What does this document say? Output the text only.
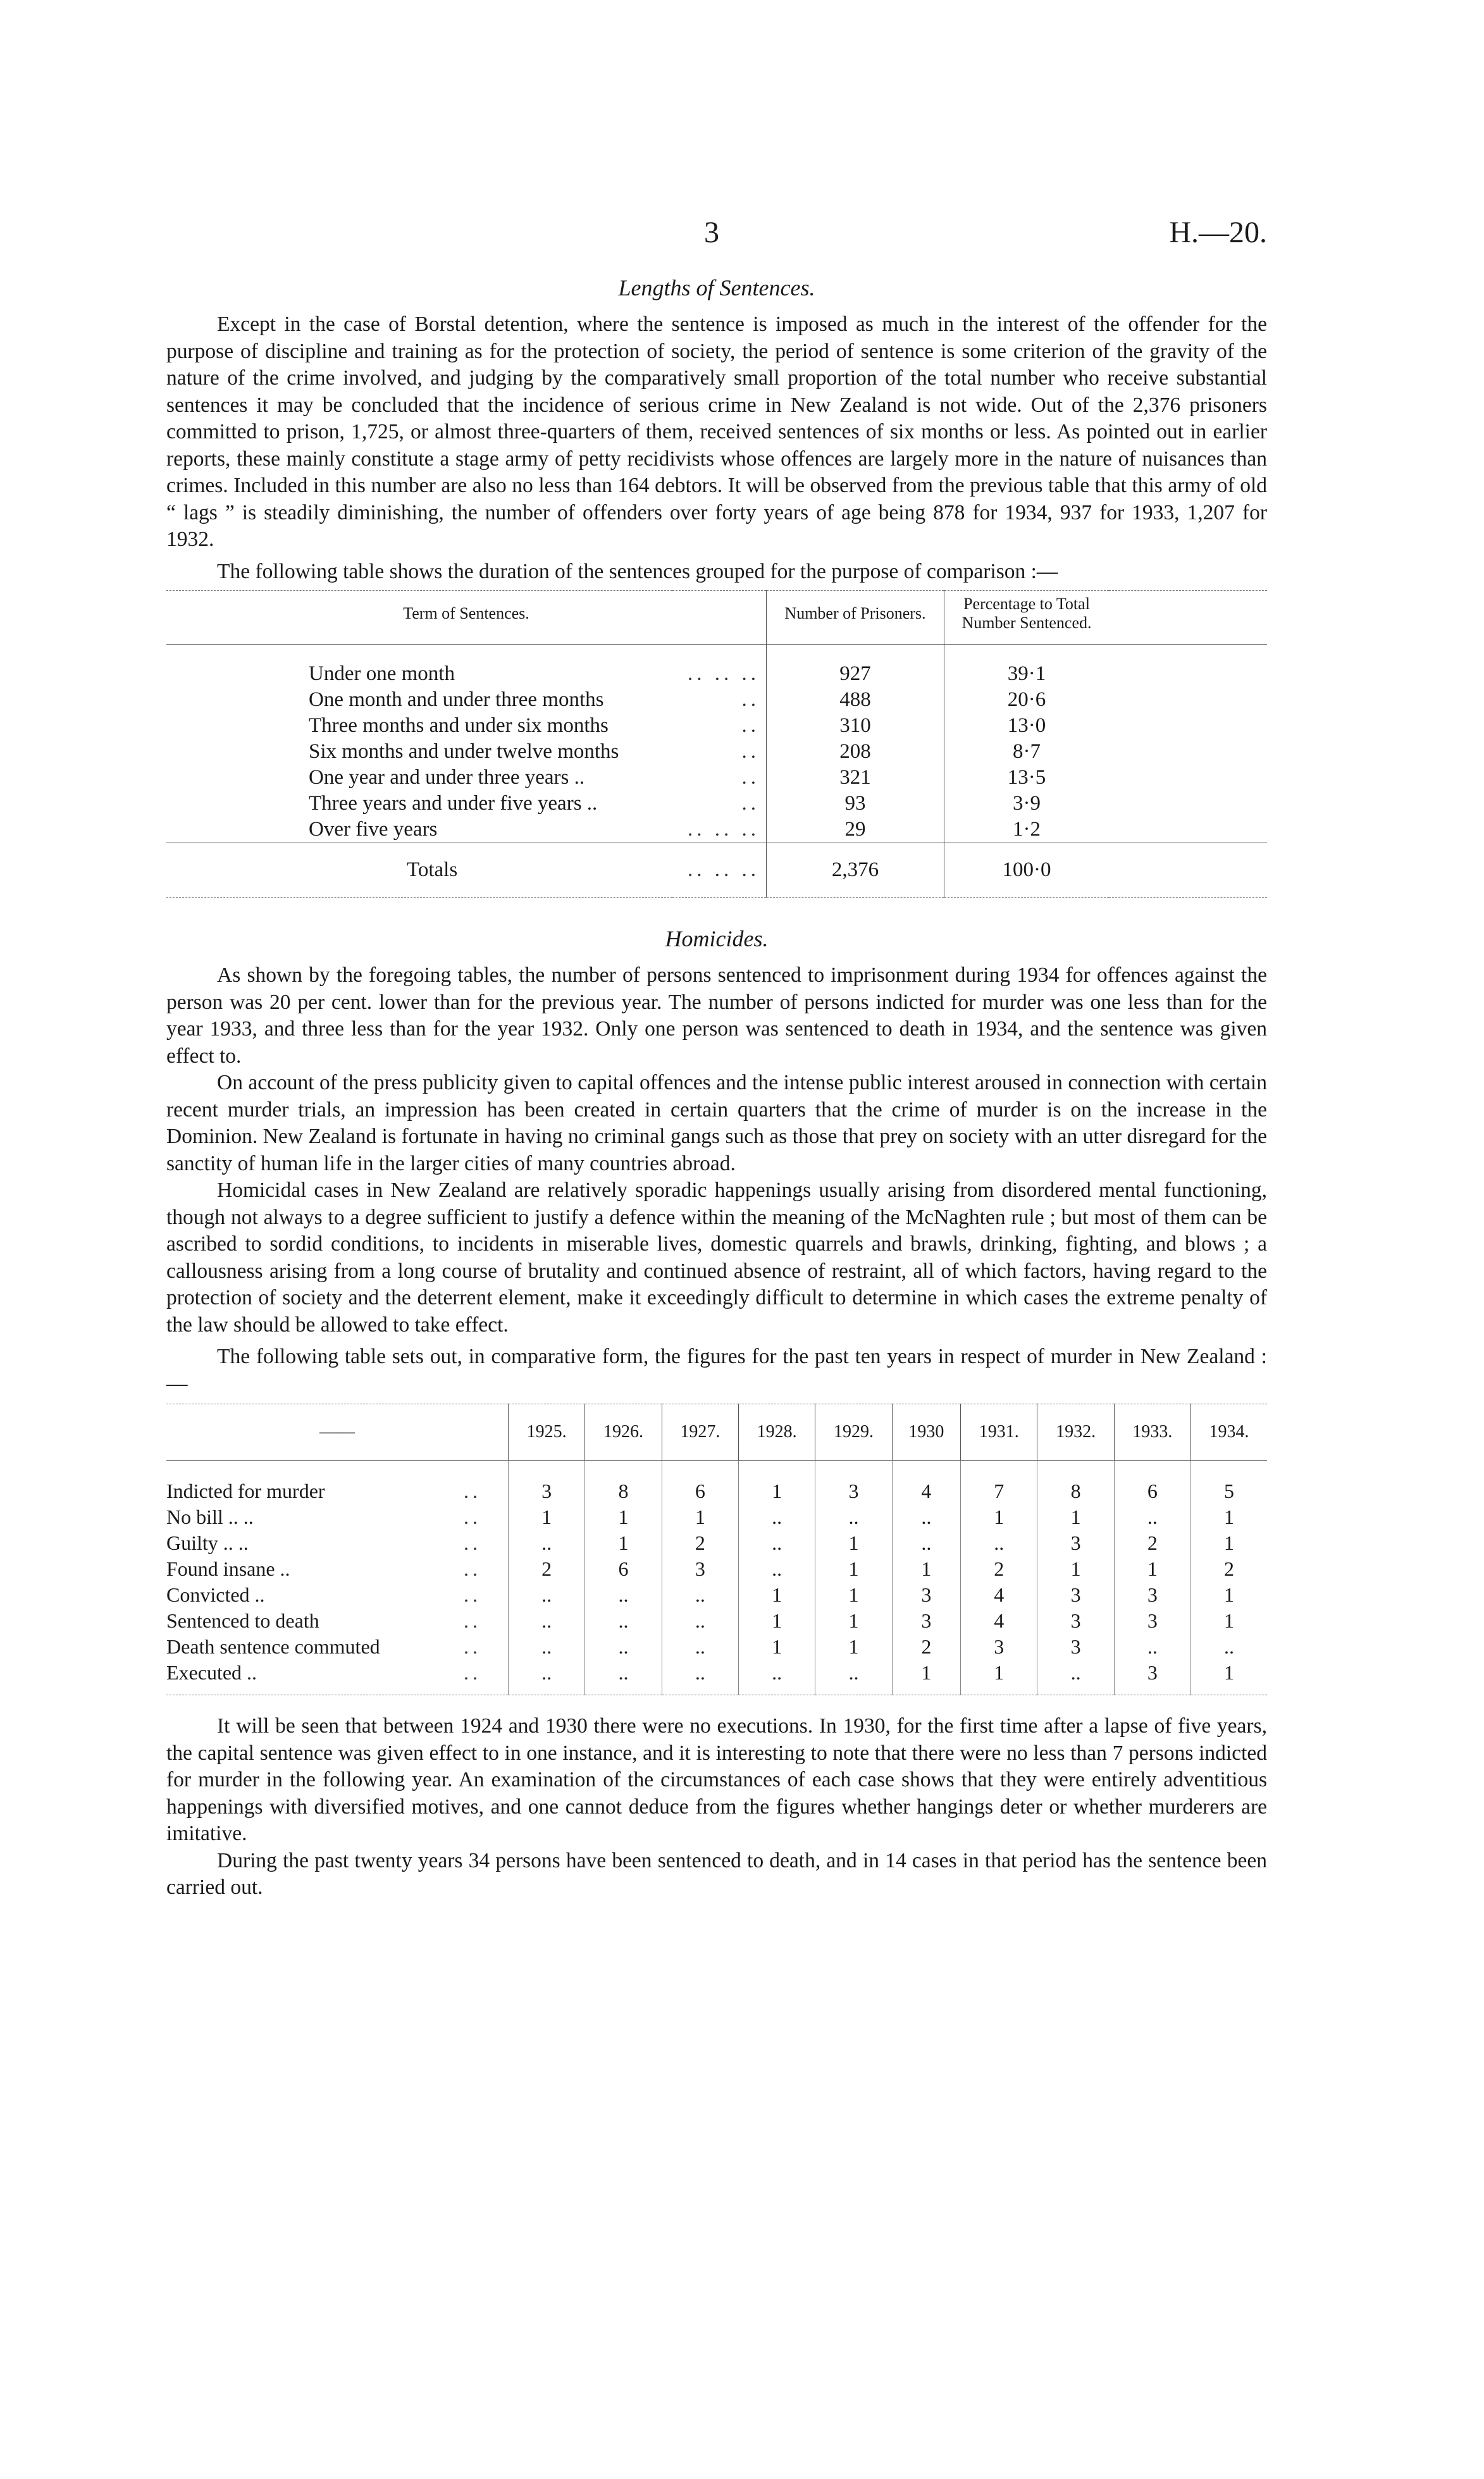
3	H.—20.
Lengths of Sentences.

Except in the case of Borstal detention, where the sentence is imposed as much in the interest of the offender for the purpose of discipline and training as for the protection of society, the period of sentence is some criterion of the gravity of the nature of the crime involved, and judging by the comparatively small proportion of the total number who receive substantial sentences it may be concluded that the incidence of serious crime in New Zealand is not wide. Out of the 2,376 prisoners committed to prison, 1,725, or almost three-quarters of them, received sentences of six months or less. As pointed out in earlier reports, these mainly constitute a stage army of petty recidivists whose offences are largely more in the nature of nuisances than crimes. Included in this number are also no less than 164 debtors. It will be observed from the previous table that this army of old “ lags ” is steadily diminishing, the number of offenders over forty years of age being 878 for 1934, 937 for 1933, 1,207 for 1932.

The following table shows the duration of the sentences grouped for the purpose of comparison :—

Term of Sentences.		Number of Prisoners.	Percentage to Total Number Sentenced.	
Under one month	.. .. ..	927	39·1	
One month and under three months	..	488	20·6	
Three months and under six months	..	310	13·0	
Six months and under twelve months	..	208	8·7	
One year and under three years ..	..	321	13·5	
Three years and under five years ..	..	93	3·9	
Over five years	.. .. ..	29	1·2	
Totals	.. .. ..	2,376	100·0	
Homicides.

As shown by the foregoing tables, the number of persons sentenced to imprisonment during 1934 for offences against the person was 20 per cent. lower than for the previous year. The number of persons indicted for murder was one less than for the year 1933, and three less than for the year 1932. Only one person was sentenced to death in 1934, and the sentence was given effect to.

On account of the press publicity given to capital offences and the intense public interest aroused in connection with certain recent murder trials, an impression has been created in certain quarters that the crime of murder is on the increase in the Dominion. New Zealand is fortunate in having no criminal gangs such as those that prey on society with an utter disregard for the sanctity of human life in the larger cities of many countries abroad.

Homicidal cases in New Zealand are relatively sporadic happenings usually arising from disordered mental functioning, though not always to a degree sufficient to justify a defence within the meaning of the McNaghten rule ; but most of them can be ascribed to sordid conditions, to incidents in miserable lives, domestic quarrels and brawls, drinking, fighting, and blows ; a callousness arising from a long course of brutality and continued absence of restraint, all of which factors, having regard to the protection of society and the deterrent element, make it exceedingly difficult to determine in which cases the extreme penalty of the law should be allowed to take effect.

The following table sets out, in comparative form, the figures for the past ten years in respect of murder in New Zealand :—

——	1925.	1926.	1927.	1928.	1929.	1930	1931.	1932.	1933.	1934.
Indicted for murder ..	3	8	6	1	3	4	7	8	6	5
No bill .. .. ..	1	1	1	..	..	..	1	1	..	1
Guilty .. .. ..	..	1	2	..	1	..	..	3	2	1
Found insane .. ..	2	6	3	..	1	1	2	1	1	2
Convicted .. ..	..	..	..	1	1	3	4	3	3	1
Sentenced to death ..	..	..	..	1	1	3	4	3	3	1
Death sentence commuted ..	..	..	..	1	1	2	3	3	..	..
Executed .. ..	..	..	..	..	..	1	1	..	3	1

It will be seen that between 1924 and 1930 there were no executions. In 1930, for the first time after a lapse of five years, the capital sentence was given effect to in one instance, and it is interesting to note that there were no less than 7 persons indicted for murder in the following year. An examination of the circumstances of each case shows that they were entirely adventitious happenings with diversified motives, and one cannot deduce from the figures whether hangings deter or whether murderers are imitative.

During the past twenty years 34 persons have been sentenced to death, and in 14 cases in that period has the sentence been carried out.
